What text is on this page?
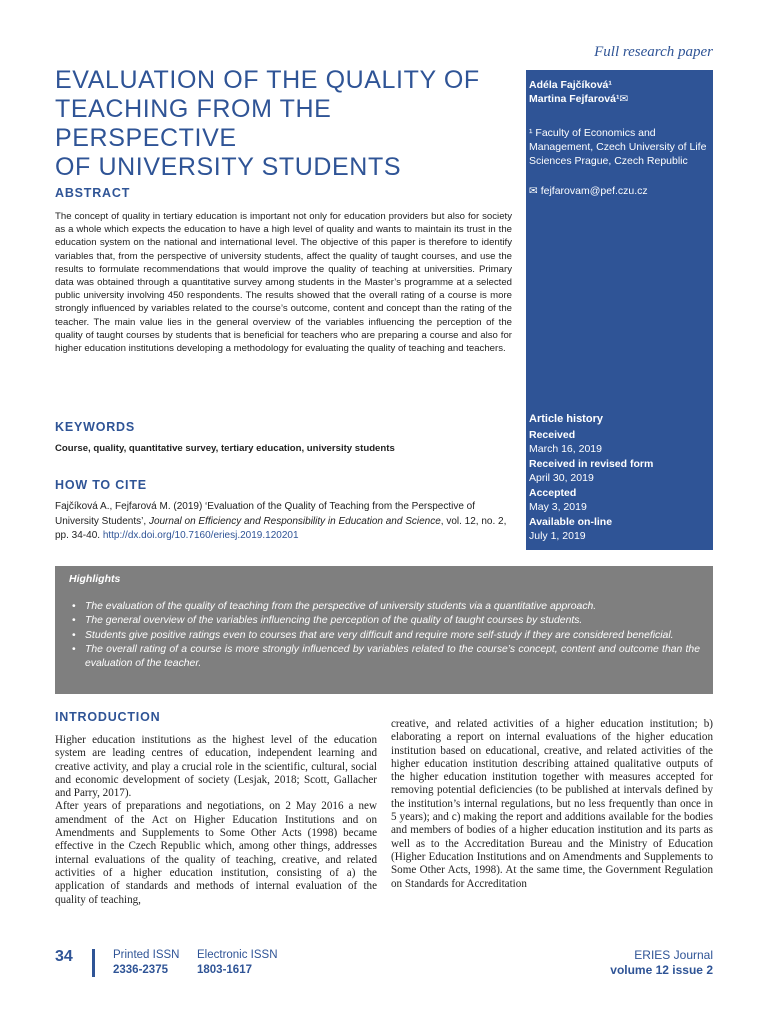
Full research paper
EVALUATION OF THE QUALITY OF
TEACHING FROM THE PERSPECTIVE
OF UNIVERSITY STUDENTS
Adéla Fajčíková¹
Martina Fejfarová¹✉
¹ Faculty of Economics and Management, Czech University of Life Sciences Prague, Czech Republic
✉ fejfarovam@pef.czu.cz
Article history
Received
March 16, 2019
Received in revised form
April 30, 2019
Accepted
May 3, 2019
Available on-line
July 1, 2019
ABSTRACT

The concept of quality in tertiary education is important not only for education providers but also for society as a whole which expects the education to have a high level of quality and wants to maintain its trust in the education system on the national and international level. The objective of this paper is therefore to identify variables that, from the perspective of university students, affect the quality of taught courses, and use the results to formulate recommendations that would improve the quality of teaching at universities. Primary data was obtained through a quantitative survey among students in the Master’s programme at a selected public university involving 450 respondents. The results showed that the overall rating of a course is more strongly influenced by variables related to the course’s outcome, content and concept than the rating of the teacher. The main value lies in the general overview of the variables influencing the perception of the quality of taught courses by students that is beneficial for teachers who are preparing a course and also for higher education institutions developing a methodology for evaluating the quality of teaching and teachers.

KEYWORDS
Course, quality, quantitative survey, tertiary education, university students
HOW TO CITE

Fajčíková A., Fejfarová M. (2019) ‘Evaluation of the Quality of Teaching from the Perspective of University Students’, Journal on Efficiency and Responsibility in Education and Science, vol. 12, no. 2, pp. 34-40. http://dx.doi.org/10.7160/eriesj.2019.120201

Highlights
• The evaluation of the quality of teaching from the perspective of university students via a quantitative approach.
• The general overview of the variables influencing the perception of the quality of taught courses by students.
• Students give positive ratings even to courses that are very difficult and require more self-study if they are considered beneficial.
• The overall rating of a course is more strongly influenced by variables related to the course’s concept, content and outcome than the evaluation of the teacher.
INTRODUCTION

Higher education institutions as the highest level of the education system are leading centres of education, independent learning and creative activity, and play a crucial role in the scientific, cultural, social and economic development of society (Lesjak, 2018; Scott, Gallacher and Parry, 2017).

After years of preparations and negotiations, on 2 May 2016 a new amendment of the Act on Higher Education Institutions and on Amendments and Supplements to Some Other Acts (1998) became effective in the Czech Republic which, among other things, addresses internal evaluations of the quality of teaching, creative, and related activities of a higher education institution, consisting of a) the application of standards and methods of internal evaluation of the quality of teaching,

creative, and related activities of a higher education institution; b) elaborating a report on internal evaluations of the higher education institution based on educational, creative, and related activities of the higher education institution describing attained qualitative outputs of the higher education institution together with measures accepted for removing potential deficiencies (to be published at intervals defined by the institution’s internal regulations, but no less frequently than once in 5 years); and c) making the report and additions available for the bodies and members of bodies of a higher education institution and its parts as well as to the Accreditation Bureau and the Ministry of Education (Higher Education Institutions and on Amendments and Supplements to Some Other Acts, 1998). At the same time, the Government Regulation on Standards for Accreditation

34	Printed ISSN
2336-2375
Electronic ISSN
1803-1617
ERIES Journal
volume 12 issue 2
